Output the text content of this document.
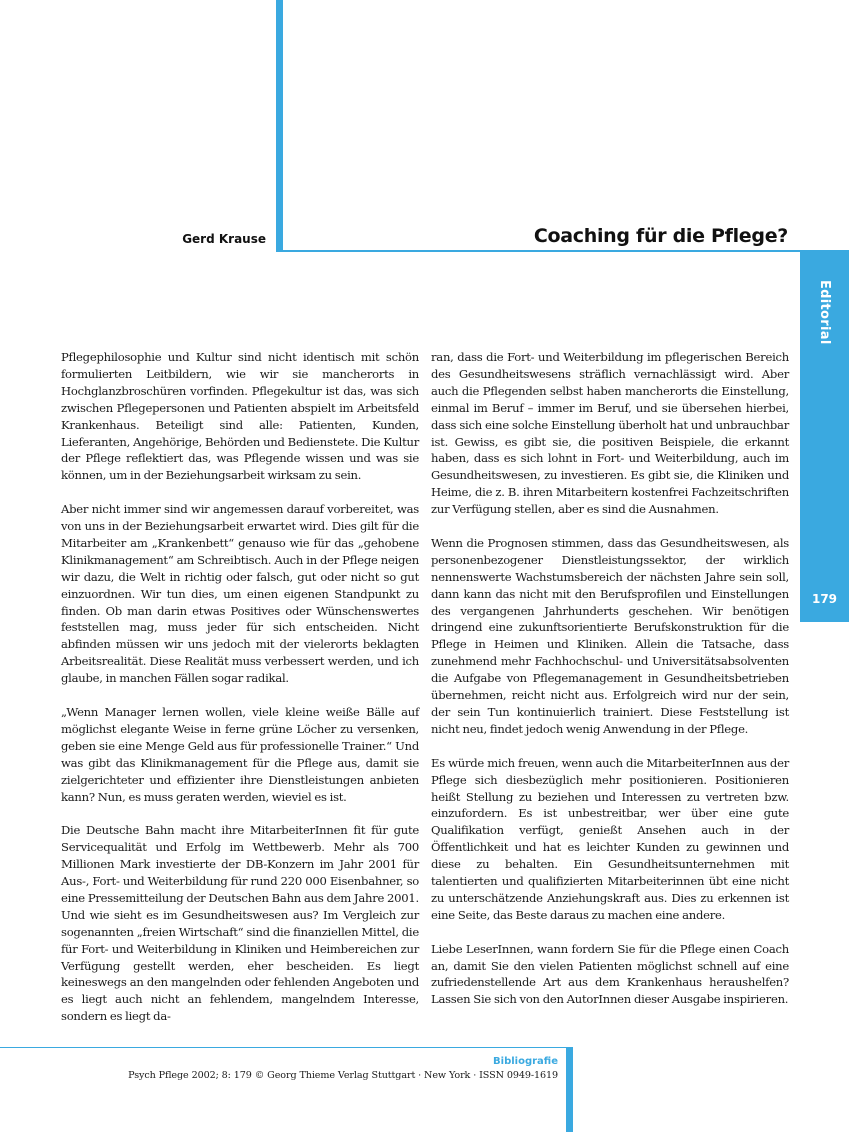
Gerd Krause	Coaching für die Pflege?
Editorial
179

Pflegephilosophie und Kultur sind nicht identisch mit schön formulierten Leitbildern, wie wir sie mancherorts in Hochglanzbroschüren vorfinden. Pflegekultur ist das, was sich zwischen Pflegepersonen und Patienten abspielt im Arbeitsfeld Krankenhaus. Beteiligt sind alle: Patienten, Kunden, Lieferanten, Angehörige, Behörden und Bedienstete. Die Kultur der Pflege reflektiert das, was Pflegende wissen und was sie können, um in der Beziehungsarbeit wirksam zu sein.

Aber nicht immer sind wir angemessen darauf vorbereitet, was von uns in der Beziehungsarbeit erwartet wird. Dies gilt für die Mitarbeiter am „Krankenbett“ genauso wie für das „gehobene Klinikmanagement“ am Schreibtisch. Auch in der Pflege neigen wir dazu, die Welt in richtig oder falsch, gut oder nicht so gut einzuordnen. Wir tun dies, um einen eigenen Standpunkt zu finden. Ob man darin etwas Positives oder Wünschenswertes feststellen mag, muss jeder für sich entscheiden. Nicht abfinden müssen wir uns jedoch mit der vielerorts beklagten Arbeitsrealität. Diese Realität muss verbessert werden, und ich glaube, in manchen Fällen sogar radikal.

„Wenn Manager lernen wollen, viele kleine weiße Bälle auf möglichst elegante Weise in ferne grüne Löcher zu versenken, geben sie eine Menge Geld aus für professionelle Trainer.“ Und was gibt das Klinikmanagement für die Pflege aus, damit sie zielgerichteter und effizienter ihre Dienstleistungen anbieten kann? Nun, es muss geraten werden, wieviel es ist.

Die Deutsche Bahn macht ihre MitarbeiterInnen fit für gute Servicequalität und Erfolg im Wettbewerb. Mehr als 700 Millionen Mark investierte der DB-Konzern im Jahr 2001 für Aus-, Fort- und Weiterbildung für rund 220 000 Eisenbahner, so eine Pressemitteilung der Deutschen Bahn aus dem Jahre 2001. Und wie sieht es im Gesundheitswesen aus? Im Vergleich zur sogenannten „freien Wirtschaft“ sind die finanziellen Mittel, die für Fort- und Weiterbildung in Kliniken und Heimbereichen zur Verfügung gestellt werden, eher bescheiden. Es liegt keineswegs an den mangelnden oder fehlenden Angeboten und es liegt auch nicht an fehlendem, mangelndem Interesse, sondern es liegt da-

ran, dass die Fort- und Weiterbildung im pflegerischen Bereich des Gesundheitswesens sträflich vernachlässigt wird. Aber auch die Pflegenden selbst haben mancherorts die Einstellung, einmal im Beruf – immer im Beruf, und sie übersehen hierbei, dass sich eine solche Einstellung überholt hat und unbrauchbar ist. Gewiss, es gibt sie, die positiven Beispiele, die erkannt haben, dass es sich lohnt in Fort- und Weiterbildung, auch im Gesundheitswesen, zu investieren. Es gibt sie, die Kliniken und Heime, die z. B. ihren Mitarbeitern kostenfrei Fachzeitschriften zur Verfügung stellen, aber es sind die Ausnahmen.

Wenn die Prognosen stimmen, dass das Gesundheitswesen, als personenbezogener Dienstleistungssektor, der wirklich nennenswerte Wachstumsbereich der nächsten Jahre sein soll, dann kann das nicht mit den Berufsprofilen und Einstellungen des vergangenen Jahrhunderts geschehen. Wir benötigen dringend eine zukunftsorientierte Berufskonstruktion für die Pflege in Heimen und Kliniken. Allein die Tatsache, dass zunehmend mehr Fachhochschul- und Universitätsabsolventen die Aufgabe von Pflegemanagement in Gesundheitsbetrieben übernehmen, reicht nicht aus. Erfolgreich wird nur der sein, der sein Tun kontinuierlich trainiert. Diese Feststellung ist nicht neu, findet jedoch wenig Anwendung in der Pflege.

Es würde mich freuen, wenn auch die MitarbeiterInnen aus der Pflege sich diesbezüglich mehr positionieren. Positionieren heißt Stellung zu beziehen und Interessen zu vertreten bzw. einzufordern. Es ist unbestreitbar, wer über eine gute Qualifikation verfügt, genießt Ansehen auch in der Öffentlichkeit und hat es leichter Kunden zu gewinnen und diese zu behalten. Ein Gesundheitsunternehmen mit talentierten und qualifizierten Mitarbeiterinnen übt eine nicht zu unterschätzende Anziehungskraft aus. Dies zu erkennen ist eine Seite, das Beste daraus zu machen eine andere.

Liebe LeserInnen, wann fordern Sie für die Pflege einen Coach an, damit Sie den vielen Patienten möglichst schnell auf eine zufriedenstellende Art aus dem Krankenhaus heraushelfen? Lassen Sie sich von den AutorInnen dieser Ausgabe inspirieren.

Bibliografie
Psych Pflege 2002; 8: 179 © Georg Thieme Verlag Stuttgart · New York · ISSN 0949-1619
